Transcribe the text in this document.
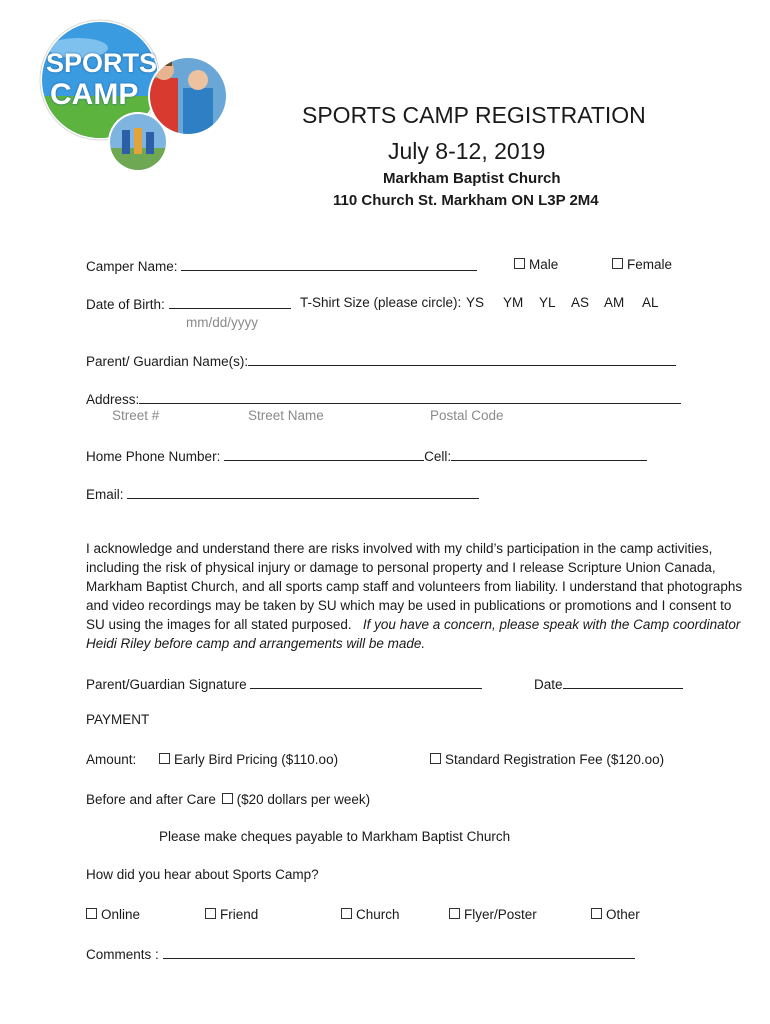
SPORTS
CAMP
SPORTS CAMP REGISTRATION
July 8-12, 2019
Markham Baptist Church
110 Church St. Markham ON L3P 2M4
Camper Name:	Male	Female
Date of Birth:
mm/dd/yyyy
T-Shirt Size (please circle): YS YM YL AS AM AL
Parent/ Guardian Name(s):
Address:
Street #	Street Name	Postal Code
Home Phone Number:	Cell:
Email:
I acknowledge and understand there are risks involved with my child’s participation in the camp activities, including the risk of physical injury or damage to personal property and I release Scripture Union Canada, Markham Baptist Church, and all sports camp staff and volunteers from liability. I understand that photographs and video recordings may be taken by SU which may be used in publications or promotions and I consent to SU using the images for all stated purposed. If you have a concern, please speak with the Camp coordinator Heidi Riley before camp and arrangements will be made.
Parent/Guardian Signature	Date
PAYMENT
Amount:	Early Bird Pricing ($110.oo)	Standard Registration Fee ($120.oo)
Before and after Care ($20 dollars per week)
Please make cheques payable to Markham Baptist Church
How did you hear about Sports Camp?
Online	Friend	Church	Flyer/Poster	Other
Comments :
